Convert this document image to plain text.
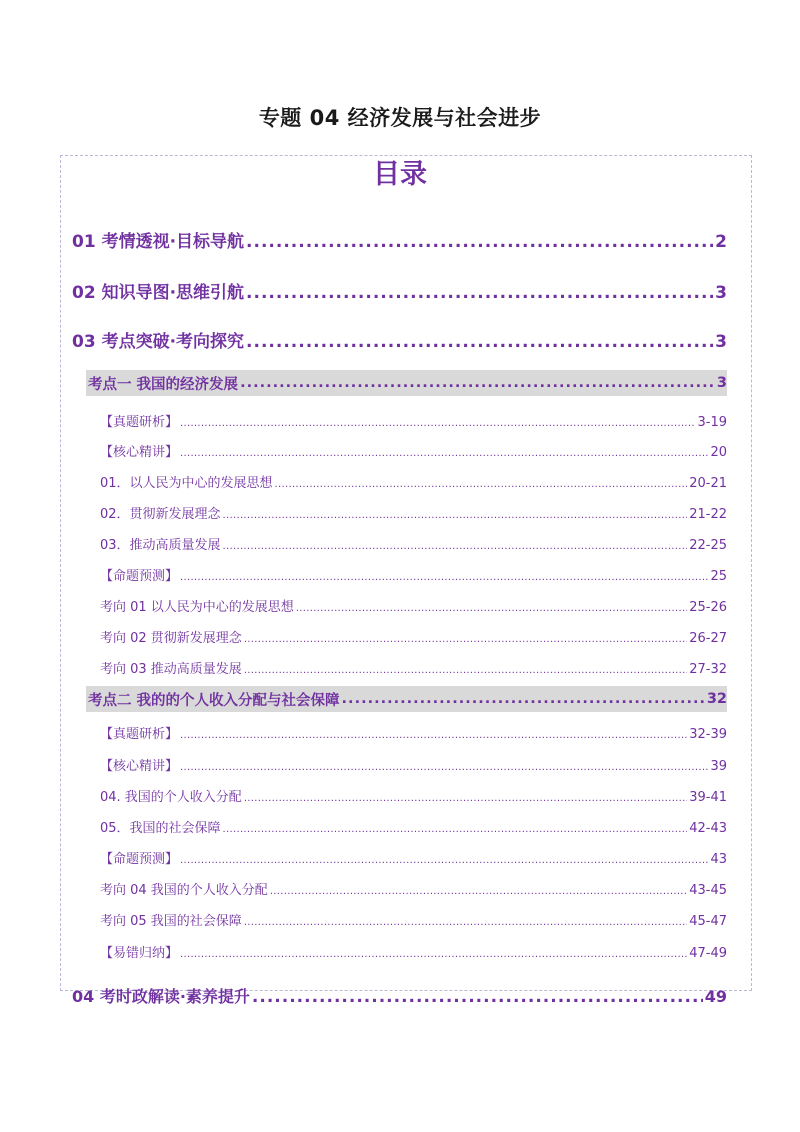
专题 04 经济发展与社会进步
目录
01 考情透视·目标导航 .....	2
02 知识导图·思维引航 .....	3
03 考点突破·考向探究 .....	3
考点一 我国的经济发展 .....	3
【真题研析】 .....	3-19
【核心精讲】 .....	20
01．以人民为中心的发展思想 .....	20-21
02．贯彻新发展理念 .....	21-22
03．推动高质量发展 .....	22-25
【命题预测】 .....	25
考向 01 以人民为中心的发展思想 .....	25-26
考向 02 贯彻新发展理念 .....	26-27
考向 03 推动高质量发展 .....	27-32
考点二 我的的个人收入分配与社会保障 .....	32
【真题研析】 .....	32-39
【核心精讲】 .....	39
04. 我国的个人收入分配 .....	39-41
05．我国的社会保障 .....	42-43
【命题预测】 .....	43
考向 04 我国的个人收入分配 .....	43-45
考向 05 我国的社会保障 .....	45-47
【易错归纳】 .....	47-49
04 考时政解读·素养提升 .....	49
